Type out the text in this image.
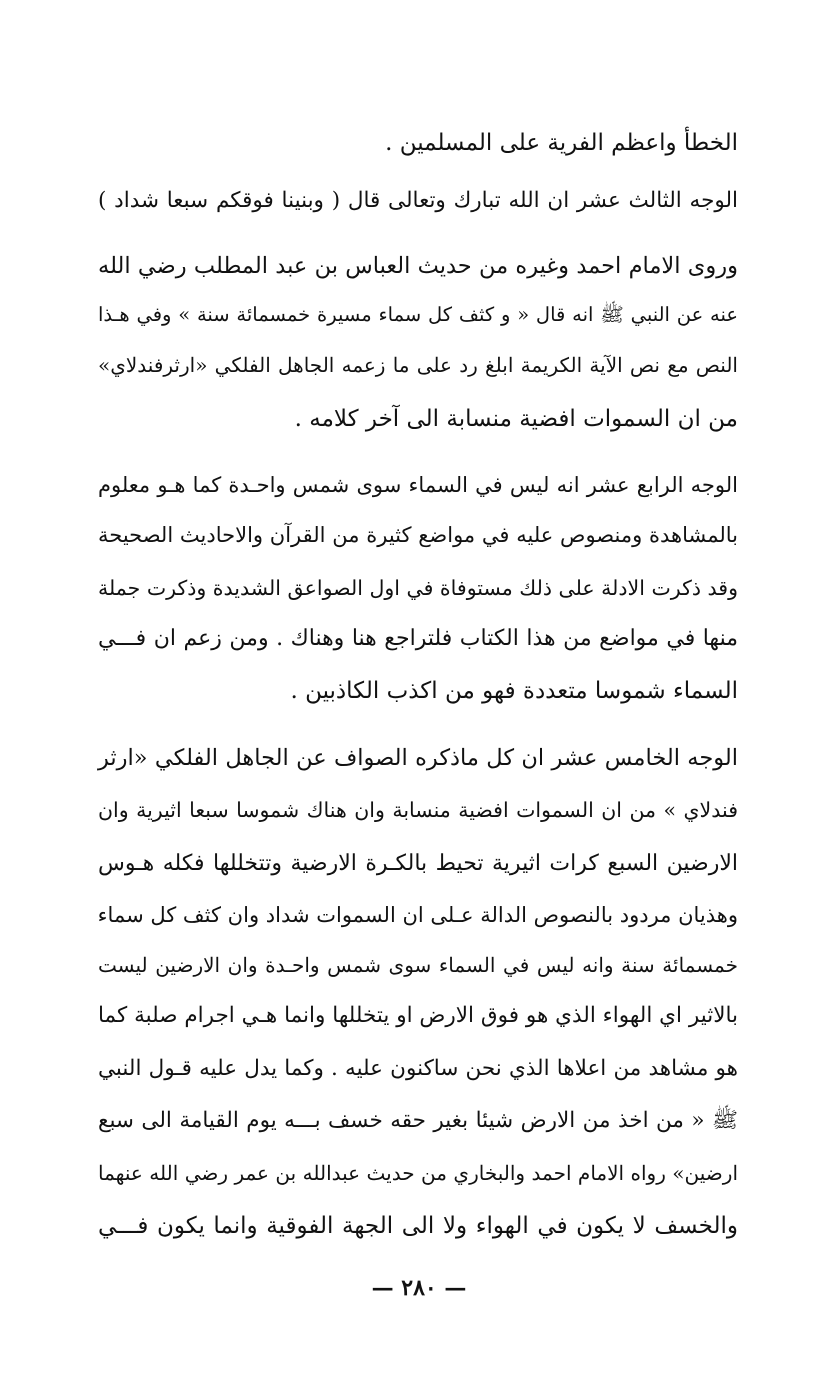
الخطأ واعظم الفرية على المسلمين .
الوجه الثالث عشر ان الله تبارك وتعالى قال ( وبنينا فوقكم سبعا شداد )
وروى الامام احمد وغيره من حديث العباس بن عبد المطلب رضي الله
عنه عن النبي ﷺ انه قال « و كثف كل سماء مسيرة خمسمائة سنة » وفي هـذا
النص مع نص الآية الكريمة ابلغ رد على ما زعمه الجاهل الفلكي «ارثرفندلاي»
من ان السموات افضية منسابة الى آخر كلامه .
الوجه الرابع عشر انه ليس في السماء سوى شمس واحـدة كما هـو معلوم
بالمشاهدة ومنصوص عليه في مواضع كثيرة من القرآن والاحاديث الصحيحة
وقد ذكرت الادلة على ذلك مستوفاة في اول الصواعق الشديدة وذكرت جملة
منها في مواضع من هذا الكتاب فلتراجع هنا وهناك . ومن زعم ان فـــي
السماء شموسا متعددة فهو من اكذب الكاذبين .
الوجه الخامس عشر ان كل ماذكره الصواف عن الجاهل الفلكي «ارثر
فندلاي » من ان السموات افضية منسابة وان هناك شموسا سبعا اثيرية وان
الارضين السبع كرات اثيرية تحيط بالكـرة الارضية وتتخللها فكله هـوس
وهذيان مردود بالنصوص الدالة عـلى ان السموات شداد وان كثف كل سماء
خمسمائة سنة وانه ليس في السماء سوى شمس واحـدة وان الارضين ليست
بالاثير اي الهواء الذي هو فوق الارض او يتخللها وانما هـي اجرام صلبة كما
هو مشاهد من اعلاها الذي نحن ساكنون عليه . وكما يدل عليه قـول النبي
ﷺ « من اخذ من الارض شيئا بغير حقه خسف بـــه يوم القيامة الى سبع
ارضين» رواه الامام احمد والبخاري من حديث عبدالله بن عمر رضي الله عنهما
والخسف لا يكون في الهواء ولا الى الجهة الفوقية وانما يكون فـــي
— ٢٨٠ —
